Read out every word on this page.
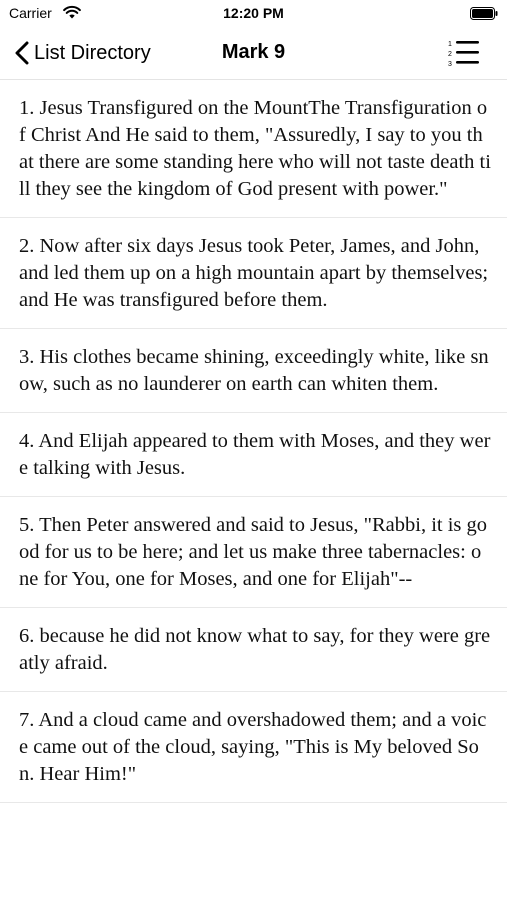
Carrier	12:20 PM
List Directory	Mark 9	1
2
3

1. Jesus Transfigured on the MountThe Transfiguration of Christ And He said to them, "Assuredly, I say to you that there are some standing here who will not taste death till they see the kingdom of God present with power."

2. Now after six days Jesus took Peter, James, and John, and led them up on a high mountain apart by themselves; and He was transfigured before them.

3. His clothes became shining, exceedingly white, like snow, such as no launderer on earth can whiten them.

4. And Elijah appeared to them with Moses, and they were talking with Jesus.

5. Then Peter answered and said to Jesus, "Rabbi, it is good for us to be here; and let us make three tabernacles: one for You, one for Moses, and one for Elijah"--

6. because he did not know what to say, for they were greatly afraid.

7. And a cloud came and overshadowed them; and a voice came out of the cloud, saying, "This is My beloved Son. Hear Him!"
